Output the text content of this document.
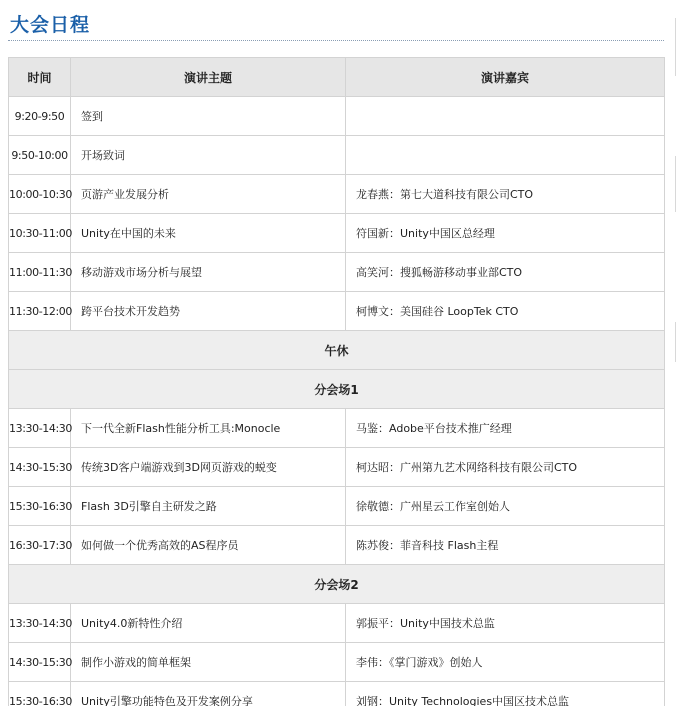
大会日程
时间	演讲主题	演讲嘉宾
9:20-9:50	签到	
9:50-10:00	开场致词	
10:00-10:30	页游产业发展分析	龙春燕：第七大道科技有限公司CTO
10:30-11:00	Unity在中国的未来	符国新：Unity中国区总经理
11:00-11:30	移动游戏市场分析与展望	高笑河：搜狐畅游移动事业部CTO
11:30-12:00	跨平台技术开发趋势	柯博文：美国硅谷 LoopTek CTO
午休		
分会场1		
13:30-14:30	下一代全新Flash性能分析工具:Monocle	马鉴：Adobe平台技术推广经理
14:30-15:30	传统3D客户端游戏到3D网页游戏的蜕变	柯达昭：广州第九艺术网络科技有限公司CTO
15:30-16:30	Flash 3D引擎自主研发之路	徐敬德：广州星云工作室创始人
16:30-17:30	如何做一个优秀高效的AS程序员	陈苏俊：菲音科技 Flash主程
分会场2		
13:30-14:30	Unity4.0新特性介绍	郭振平：Unity中国技术总监
14:30-15:30	制作小游戏的简单框架	李伟：《掌门游戏》创始人
15:30-16:30	Unity引擎功能特色及开发案例分享	刘钢：Unity Technologies中国区技术总监
